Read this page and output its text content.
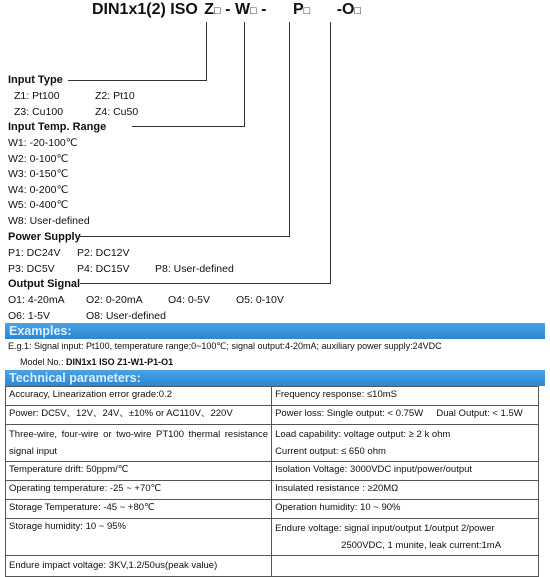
DIN1x1(2) ISO Z□ - W□ - P□ -O□
Input Type
Z1: Pt100	Z2: Pt10
Z3: Cu100	Z4: Cu50
Input Temp. Range
W1: -20-100℃
W2: 0-100℃
W3: 0-150℃
W4: 0-200℃
W5: 0-400℃
W8: User-defined
Power Supply
P1: DC24V P2: DC12V
P3: DC5V P4: DC15V P8: User-defined
Output Signal
O1: 4-20mA O2: 0-20mA O4: 0-5V O5: 0-10V
O6: 1-5V	O8: User-defined
Examples:
E.g.1: Signal input: Pt100, temperature range:0~100℃; signal output:4-20mA; auxiliary power supply:24VDC
Model No.: DIN1x1 ISO Z1-W1-P1-O1
Technical parameters:
Accuracy, Linearization error grade:0.2	Frequency response: ≤10mS
Power: DC5V、12V、24V、±10% or AC110V、220V	Power loss: Single output: < 0.75W     Dual Output: < 1.5W
Three-wire, four-wire or two-wire PT100 thermal resistance signal input	Load capability: voltage output: ≥ 2 k ohm
Current output: ≤ 650 ohm

Temperature drift: 50ppm/℃	Isolation Voltage: 3000VDC input/power/output
Operating temperature: -25 ~ +70℃	Insulated resistance : ≥20MΩ
Storage Temperature: -45 ~ +80℃	Operation humidity: 10 ~ 90%
Storage humidity: 10 ~ 95%	Endure voltage: signal input/output 1/output 2/power
2500VDC, 1 munite, leak current:1mA

Endure impact voltage: 3KV,1.2/50us(peak value)	
